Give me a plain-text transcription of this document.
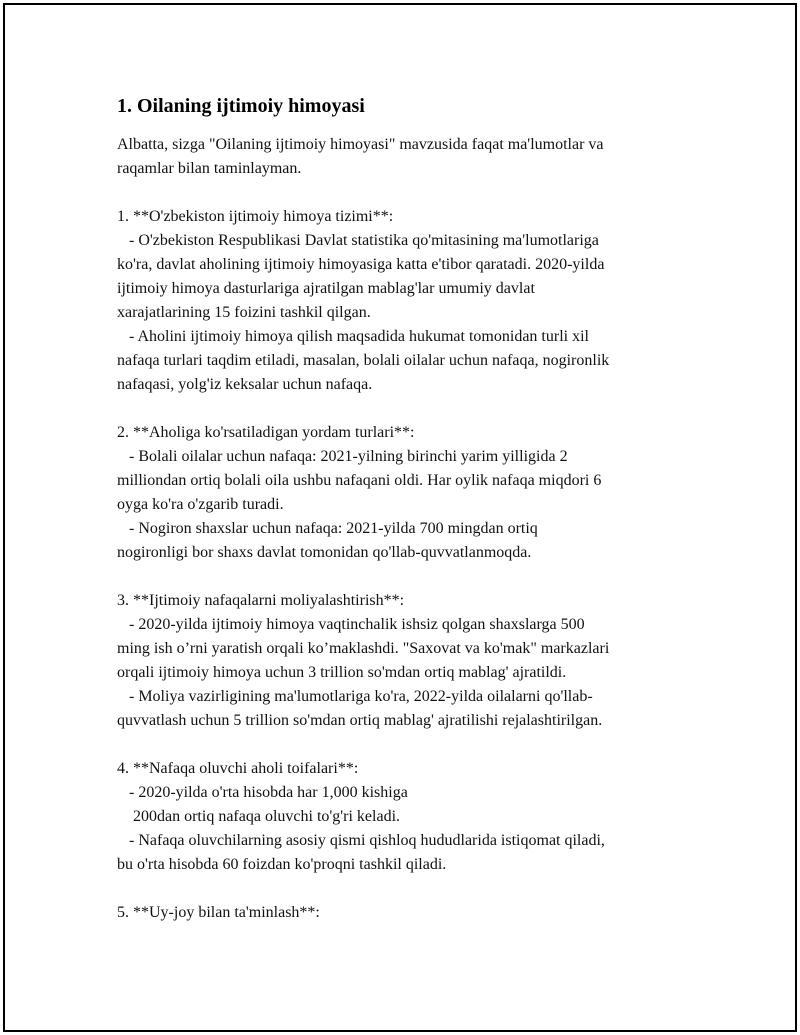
1. Oilaning ijtimoiy himoyasi
Albatta, sizga "Oilaning ijtimoiy himoyasi" mavzusida faqat ma'lumotlar va
raqamlar bilan taminlayman.

1. **O'zbekiston ijtimoiy himoya tizimi**:
- O'zbekiston Respublikasi Davlat statistika qo'mitasining ma'lumotlariga
ko'ra, davlat aholining ijtimoiy himoyasiga katta e'tibor qaratadi. 2020-yilda
ijtimoiy himoya dasturlariga ajratilgan mablag'lar umumiy davlat
xarajatlarining 15 foizini tashkil qilgan.
- Aholini ijtimoiy himoya qilish maqsadida hukumat tomonidan turli xil
nafaqa turlari taqdim etiladi, masalan, bolali oilalar uchun nafaqa, nogironlik
nafaqasi, yolg'iz keksalar uchun nafaqa.

2. **Aholiga ko'rsatiladigan yordam turlari**:
- Bolali oilalar uchun nafaqa: 2021-yilning birinchi yarim yilligida 2
milliondan ortiq bolali oila ushbu nafaqani oldi. Har oylik nafaqa miqdori 6
oyga ko'ra o'zgarib turadi.
- Nogiron shaxslar uchun nafaqa: 2021-yilda 700 mingdan ortiq
nogironligi bor shaxs davlat tomonidan qo'llab-quvvatlanmoqda.

3. **Ijtimoiy nafaqalarni moliyalashtirish**:
- 2020-yilda ijtimoiy himoya vaqtinchalik ishsiz qolgan shaxslarga 500
ming ish o’rni yaratish orqali ko’maklashdi. "Saxovat va ko'mak" markazlari
orqali ijtimoiy himoya uchun 3 trillion so'mdan ortiq mablag' ajratildi.
- Moliya vazirligining ma'lumotlariga ko'ra, 2022-yilda oilalarni qo'llab-
quvvatlash uchun 5 trillion so'mdan ortiq mablag' ajratilishi rejalashtirilgan.

4. **Nafaqa oluvchi aholi toifalari**:
- 2020-yilda o'rta hisobda har 1,000 kishiga
200dan ortiq nafaqa oluvchi to'g'ri keladi.
- Nafaqa oluvchilarning asosiy qismi qishloq hududlarida istiqomat qiladi,
bu o'rta hisobda 60 foizdan ko'proqni tashkil qiladi.

5. **Uy-joy bilan ta'minlash**:
